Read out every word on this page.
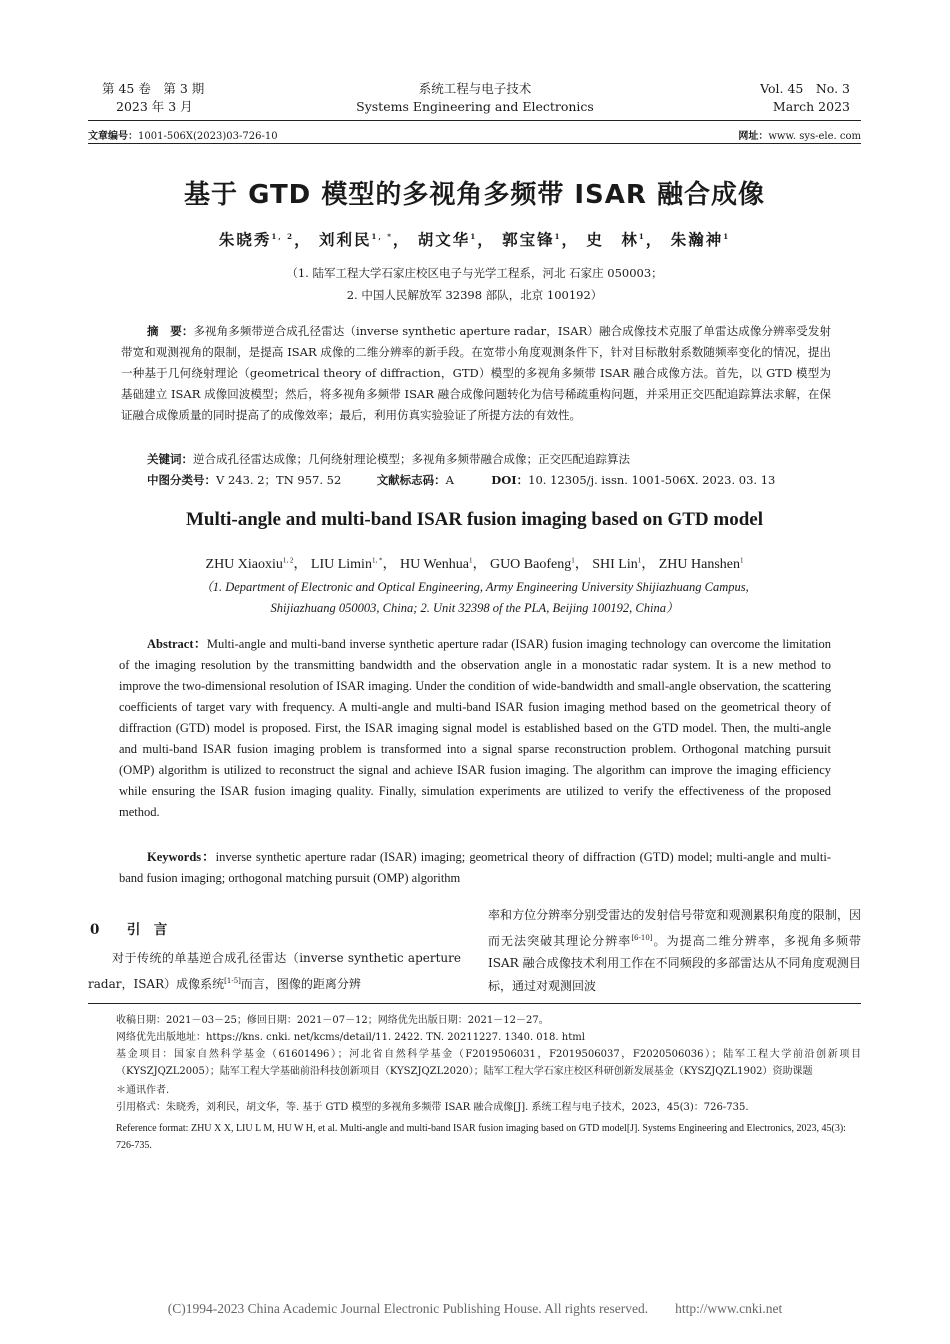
第 45 卷　第 3 期
2023 年 3 月
系统工程与电子技术
Systems Engineering and Electronics
Vol. 45　No. 3
March 2023
文章编号：1001-506X(2023)03-726-10	网址：www. sys-ele. com
基于 GTD 模型的多视角多频带 ISAR 融合成像
朱晓秀$^{1, 2}$， 刘利民$^{1, *}$， 胡文华$^1$， 郭宝锋$^1$， 史　林$^1$， 朱瀚神$^1$
（1. 陆军工程大学石家庄校区电子与光学工程系，河北 石家庄 050003；
2. 中国人民解放军 32398 部队，北京 100192）
摘　要：多视角多频带逆合成孔径雷达（inverse synthetic aperture radar，ISAR）融合成像技术克服了单雷达成像分辨率受发射带宽和观测视角的限制，是提高 ISAR 成像的二维分辨率的新手段。在宽带小角度观测条件下，针对目标散射系数随频率变化的情况，提出一种基于几何绕射理论（geometrical theory of diffraction，GTD）模型的多视角多频带 ISAR 融合成像方法。首先，以 GTD 模型为基础建立 ISAR 成像回波模型；然后，将多视角多频带 ISAR 融合成像问题转化为信号稀疏重构问题，并采用正交匹配追踪算法求解，在保证融合成像质量的同时提高了的成像效率；最后，利用仿真实验验证了所提方法的有效性。
关键词：逆合成孔径雷达成像；几何绕射理论模型；多视角多频带融合成像；正交匹配追踪算法
中图分类号：V 243. 2；TN 957. 52	文献标志码：A	DOI：10. 12305/j. issn. 1001-506X. 2023. 03. 13
Multi-angle and multi-band ISAR fusion imaging based on GTD model
ZHU Xiaoxiu$^{1, 2}$， LIU Limin$^{1, *}$， HU Wenhua$^1$， GUO Baofeng$^1$， SHI Lin$^1$， ZHU Hanshen$^1$
（1. Department of Electronic and Optical Engineering, Army Engineering University Shijiazhuang Campus,
Shijiazhuang 050003, China; 2. Unit 32398 of the PLA, Beijing 100192, China）
Abstract：Multi-angle and multi-band inverse synthetic aperture radar (ISAR) fusion imaging technology can overcome the limitation of the imaging resolution by the transmitting bandwidth and the observation angle in a monostatic radar system. It is a new method to improve the two-dimensional resolution of ISAR imaging. Under the condition of wide-bandwidth and small-angle observation, the scattering coefficients of target vary with frequency. A multi-angle and multi-band ISAR fusion imaging method based on the geometrical theory of diffraction (GTD) model is proposed. First, the ISAR imaging signal model is established based on the GTD model. Then, the multi-angle and multi-band ISAR fusion imaging problem is transformed into a signal sparse reconstruction problem. Orthogonal matching pursuit (OMP) algorithm is utilized to reconstruct the signal and achieve ISAR fusion imaging. The algorithm can improve the imaging efficiency while ensuring the ISAR fusion imaging quality. Finally, simulation experiments are utilized to verify the effectiveness of the proposed method.
Keywords：inverse synthetic aperture radar (ISAR) imaging; geometrical theory of diffraction (GTD) model; multi-angle and multi-band fusion imaging; orthogonal matching pursuit (OMP) algorithm
0 引　言
对于传统的单基逆合成孔径雷达（inverse synthetic aperture radar，ISAR）成像系统[1-5]而言，图像的距离分辨
率和方位分辨率分别受雷达的发射信号带宽和观测累积角度的限制，因而无法突破其理论分辨率[6-10]。为提高二维分辨率，多视角多频带 ISAR 融合成像技术利用工作在不同频段的多部雷达从不同角度观测目标，通过对观测回波
收稿日期：2021－03－25；修回日期：2021－07－12；网络优先出版日期：2021－12－27。
网络优先出版地址：https://kns. cnki. net/kcms/detail/11. 2422. TN. 20211227. 1340. 018. html
基金项目：国家自然科学基金（61601496）；河北省自然科学基金（F2019506031，F2019506037，F2020506036）；陆军工程大学前沿创新项目（KYSZJQZL2005）；陆军工程大学基础前沿科技创新项目（KYSZJQZL2020）；陆军工程大学石家庄校区科研创新发展基金（KYSZJQZL1902）资助课题
＊通讯作者.
引用格式：朱晓秀，刘利民，胡文华，等. 基于 GTD 模型的多视角多频带 ISAR 融合成像[J]. 系统工程与电子技术，2023，45(3)：726-735.
Reference format: ZHU X X, LIU L M, HU W H, et al. Multi-angle and multi-band ISAR fusion imaging based on GTD model[J]. Systems Engineering and Electronics, 2023, 45(3): 726-735.
(C)1994-2023 China Academic Journal Electronic Publishing House. All rights reserved.　　http://www.cnki.net
